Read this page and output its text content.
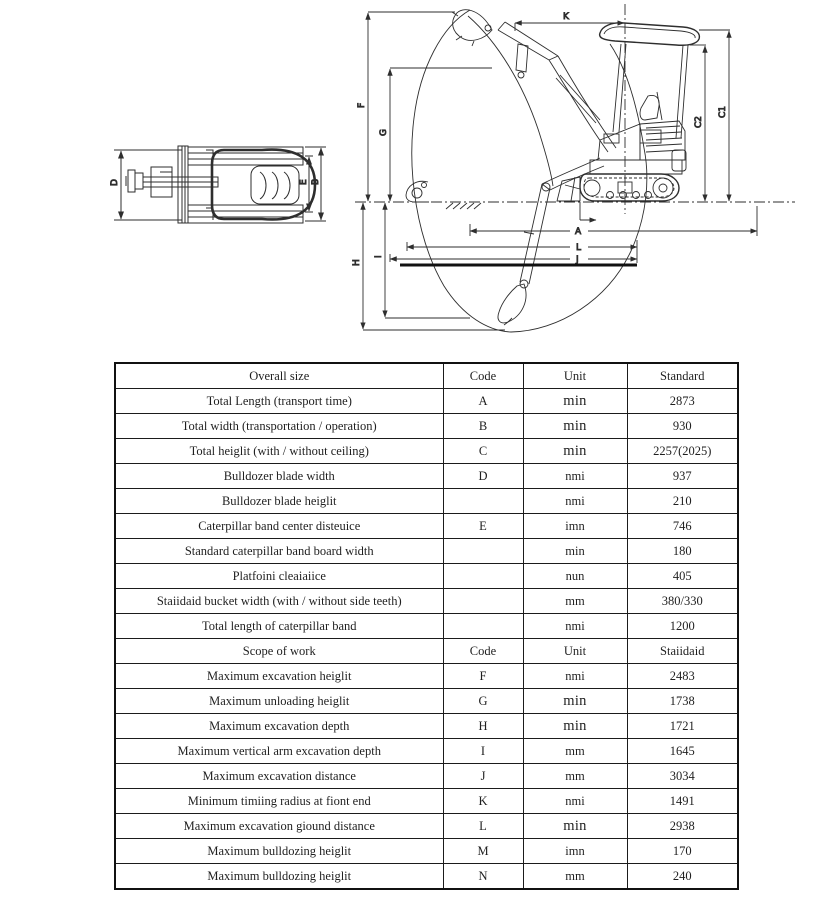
D	E B
F
G
H
I
K
C2
C1
A
L
J
Overall size	Code	Unit	Standard
Total Length (transport time)	A	min	2873
Total width (transportation / operation)	B	min	930
Total heiglit (with / without ceiling)	C	min	2257(2025)
Bulldozer blade width	D	nmi	937
Bulldozer blade heiglit		nmi	210
Caterpillar band center disteuice	E	imn	746
Standard caterpillar band board width		min	180
Platfoini cleaiaiice		nun	405
Staiidaid bucket width (with / without side teeth)		mm	380/330
Total length of caterpillar band		nmi	1200
Scope of work	Code	Unit	Staiidaid
Maximum excavation heiglit	F	nmi	2483
Maximum unloading heiglit	G	min	1738
Maximum excavation depth	H	min	1721
Maximum vertical arm excavation depth	I	mm	1645
Maximum excavation distance	J	mm	3034
Minimum timiing radius at fiont end	K	nmi	1491
Maximum excavation giound distance	L	min	2938
Maximum bulldozing heiglit	M	imn	170
Maximum bulldozing heiglit	N	mm	240
